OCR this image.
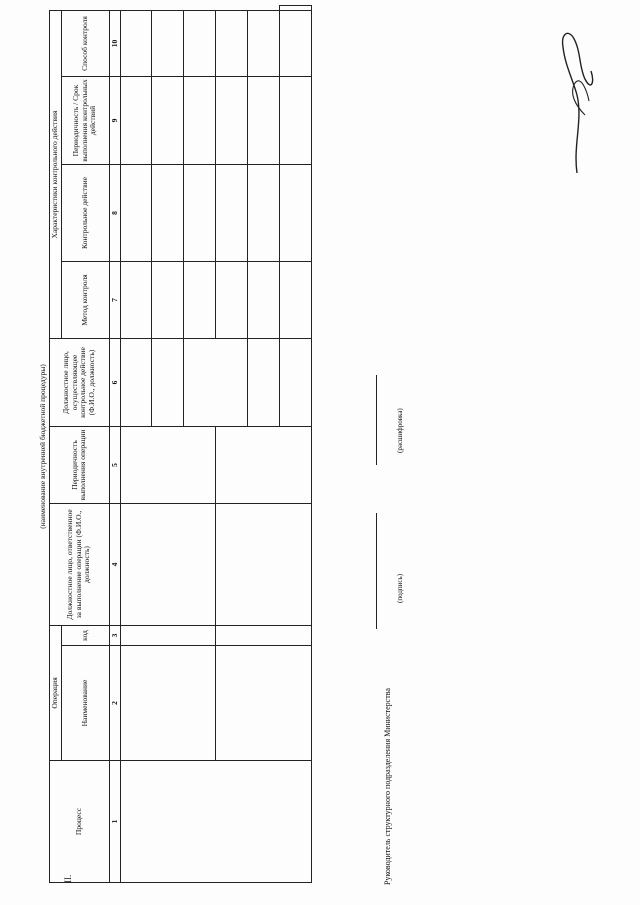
II.
(наименование внутренней бюджетной процедуры)										
Процесс	Операция		Должностное лицо, ответственное за выполнение операции (Ф.И.О., должность)	Периодичность выполнения операции	Должностное лицо, осуществляющее контрольное действие (Ф.И.О., должность)	Характеристики контрольного действия				
	Наименование	код				Метод контроля	Контрольное действие	Периодичность / Срок выполнения контрольных действий	Способ контроля	

1	2	3	4	5	6	7	8	9	10	

Руководитель структурного подразделения Министерства
(подпись)
(расшифровка)
